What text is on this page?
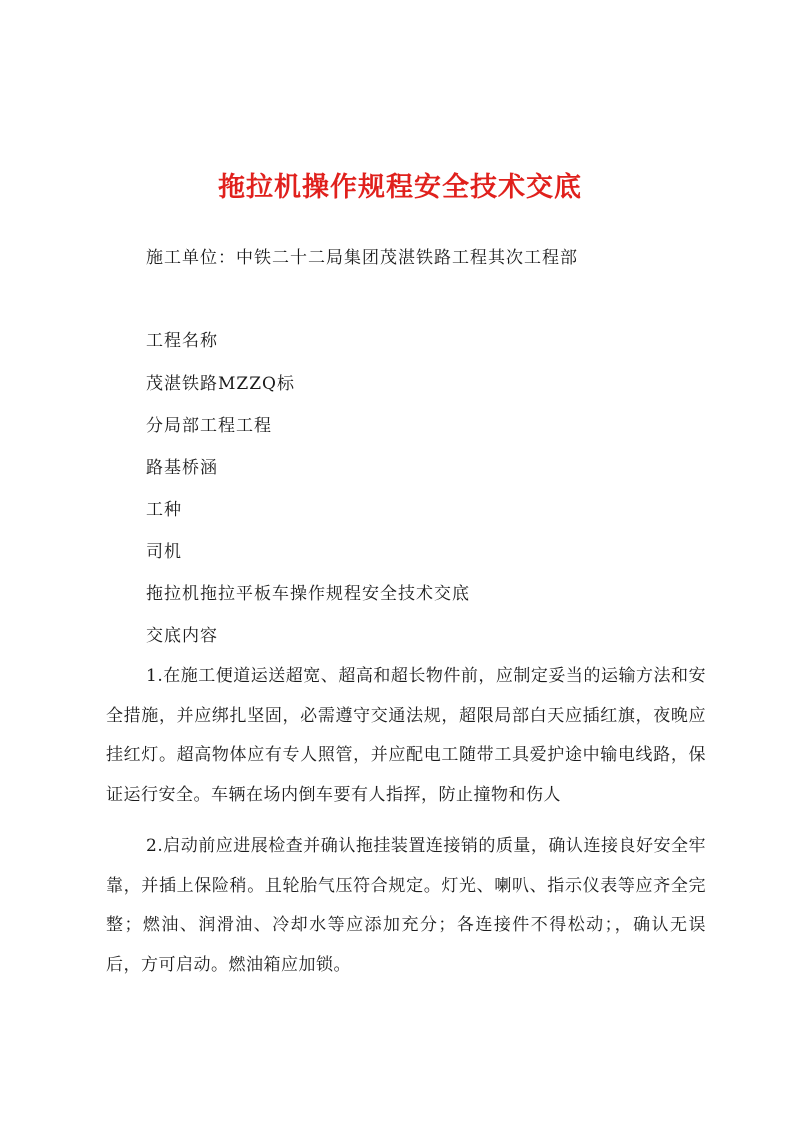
拖拉机操作规程安全技术交底
施工单位：中铁二十二局集团茂湛铁路工程其次工程部
工程名称
茂湛铁路MZZQ标
分局部工程工程
路基桥涵
工种
司机
拖拉机拖拉平板车操作规程安全技术交底
交底内容
1.在施工便道运送超宽、超高和超长物件前，应制定妥当的运输方法和安全措施，并应绑扎坚固，必需遵守交通法规，超限局部白天应插红旗，夜晚应挂红灯。超高物体应有专人照管，并应配电工随带工具爱护途中输电线路，保证运行安全。车辆在场内倒车要有人指挥，防止撞物和伤人
2.启动前应进展检查并确认拖挂装置连接销的质量，确认连接良好安全牢靠，并插上保险稍。且轮胎气压符合规定。灯光、喇叭、指示仪表等应齐全完整；燃油、润滑油、冷却水等应添加充分；各连接件不得松动；，确认无误后，方可启动。燃油箱应加锁。
